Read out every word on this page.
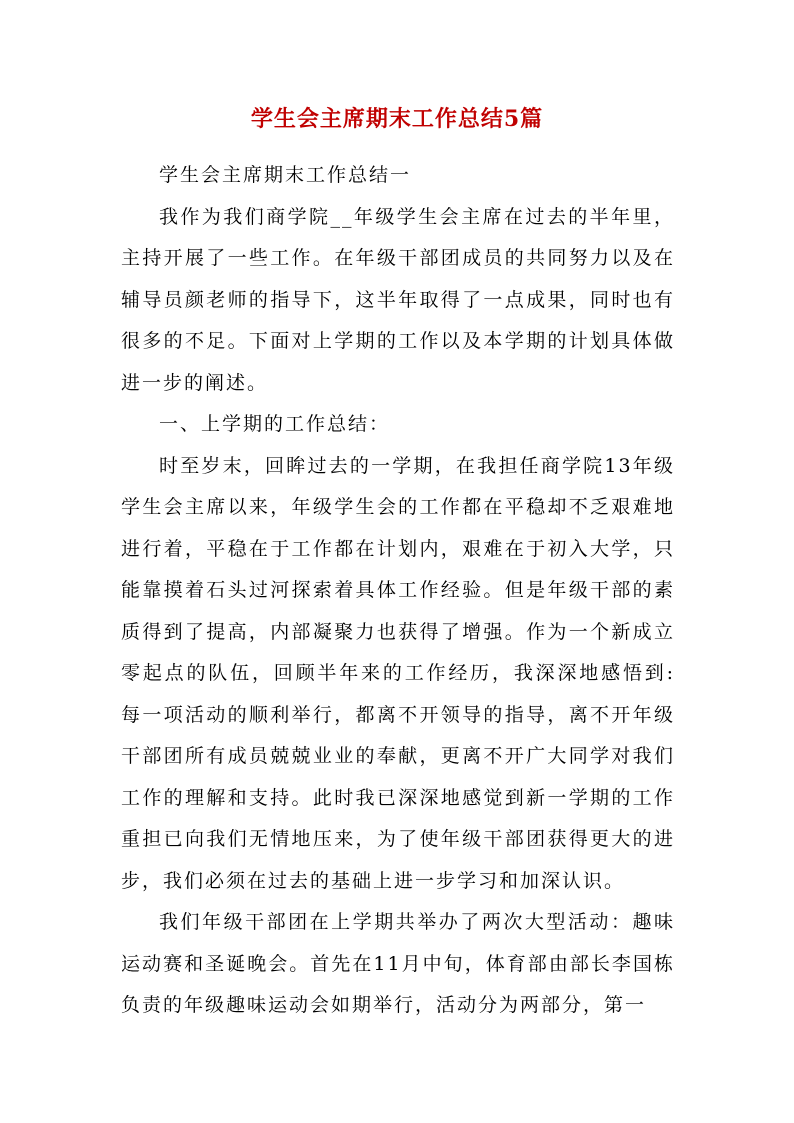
学生会主席期末工作总结5篇

学生会主席期末工作总结一

我作为我们商学院__年级学生会主席在过去的半年里，主持开展了一些工作。在年级干部团成员的共同努力以及在辅导员颜老师的指导下，这半年取得了一点成果，同时也有很多的不足。下面对上学期的工作以及本学期的计划具体做进一步的阐述。

一、上学期的工作总结：

时至岁末，回眸过去的一学期，在我担任商学院13年级学生会主席以来，年级学生会的工作都在平稳却不乏艰难地进行着，平稳在于工作都在计划内，艰难在于初入大学，只能靠摸着石头过河探索着具体工作经验。但是年级干部的素质得到了提高，内部凝聚力也获得了增强。作为一个新成立零起点的队伍，回顾半年来的工作经历，我深深地感悟到:每一项活动的顺利举行，都离不开领导的指导，离不开年级干部团所有成员兢兢业业的奉献，更离不开广大同学对我们工作的理解和支持。此时我已深深地感觉到新一学期的工作重担已向我们无情地压来，为了使年级干部团获得更大的进步，我们必须在过去的基础上进一步学习和加深认识。

我们年级干部团在上学期共举办了两次大型活动：趣味运动赛和圣诞晚会。首先在11月中旬，体育部由部长李国栋负责的年级趣味运动会如期举行，活动分为两部分，第一
